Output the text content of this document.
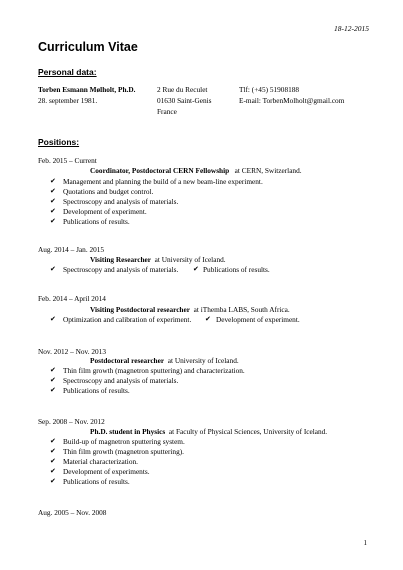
18-12-2015
Curriculum Vitae
Personal data:
Torben Esmann Mølholt, Ph.D.
28. september 1981.
2 Rue du Reculet
01630 Saint-Genis
France
Tlf: (+45) 51908188
E-mail: TorbenMolholt@gmail.com
Positions:
Feb. 2015 – Current
Coordinator, Postdoctoral CERN Fellowship at CERN, Switzerland.
✔ Management and planning the build of a new beam-line experiment.
✔ Quotations and budget control.
✔ Spectroscopy and analysis of materials.
✔ Development of experiment.
✔ Publications of results.
Aug. 2014 – Jan. 2015
Visiting Researcher at University of Iceland.
✔ Spectroscopy and analysis of materials. ✔ Publications of results.
Feb. 2014 – April 2014
Visiting Postdoctoral researcher at iThemba LABS, South Africa.
✔ Optimization and calibration of experiment. ✔ Development of experiment.
Nov. 2012 – Nov. 2013
Postdoctoral researcher at University of Iceland.
✔ Thin film growth (magnetron sputtering) and characterization.
✔ Spectroscopy and analysis of materials.
✔ Publications of results.
Sep. 2008 – Nov. 2012
Ph.D. student in Physics at Faculty of Physical Sciences, University of Iceland.
✔ Build-up of magnetron sputtering system.
✔ Thin film growth (magnetron sputtering).
✔ Material characterization.
✔ Development of experiments.
✔ Publications of results.
Aug. 2005 – Nov. 2008
1
